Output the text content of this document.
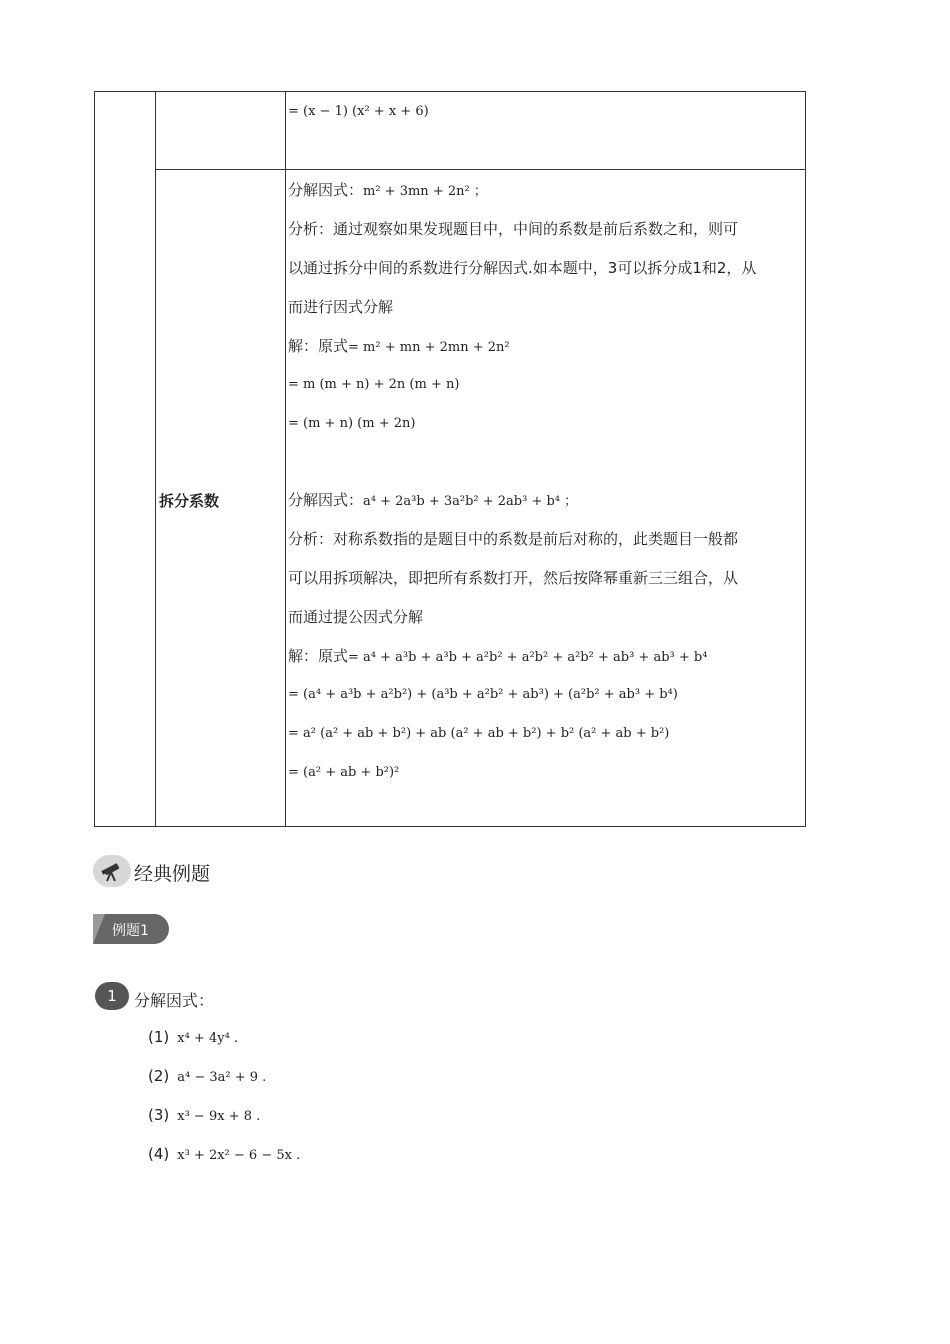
拆分系数
= (x − 1) (x² + x + 6)
分解因式：m² + 3mn + 2n² ；
分析：通过观察如果发现题目中，中间的系数是前后系数之和，则可
以通过拆分中间的系数进行分解因式.如本题中，3可以拆分成1和2，从
而进行因式分解
解：原式= m² + mn + 2mn + 2n²
= m (m + n) + 2n (m + n)
= (m + n) (m + 2n)
分解因式：a⁴ + 2a³b + 3a²b² + 2ab³ + b⁴ ；
分析：对称系数指的是题目中的系数是前后对称的，此类题目一般都
可以用拆项解决，即把所有系数打开，然后按降幂重新三三组合，从
而通过提公因式分解
解：原式= a⁴ + a³b + a³b + a²b² + a²b² + a²b² + ab³ + ab³ + b⁴
= (a⁴ + a³b + a²b²) + (a³b + a²b² + ab³) + (a²b² + ab³ + b⁴)
= a² (a² + ab + b²) + ab (a² + ab + b²) + b² (a² + ab + b²)
= (a² + ab + b²)²
经典例题
例题1
1	分解因式：
(1) x⁴ + 4y⁴ .
(2) a⁴ − 3a² + 9 .
(3) x³ − 9x + 8 .
(4) x³ + 2x² − 6 − 5x .
